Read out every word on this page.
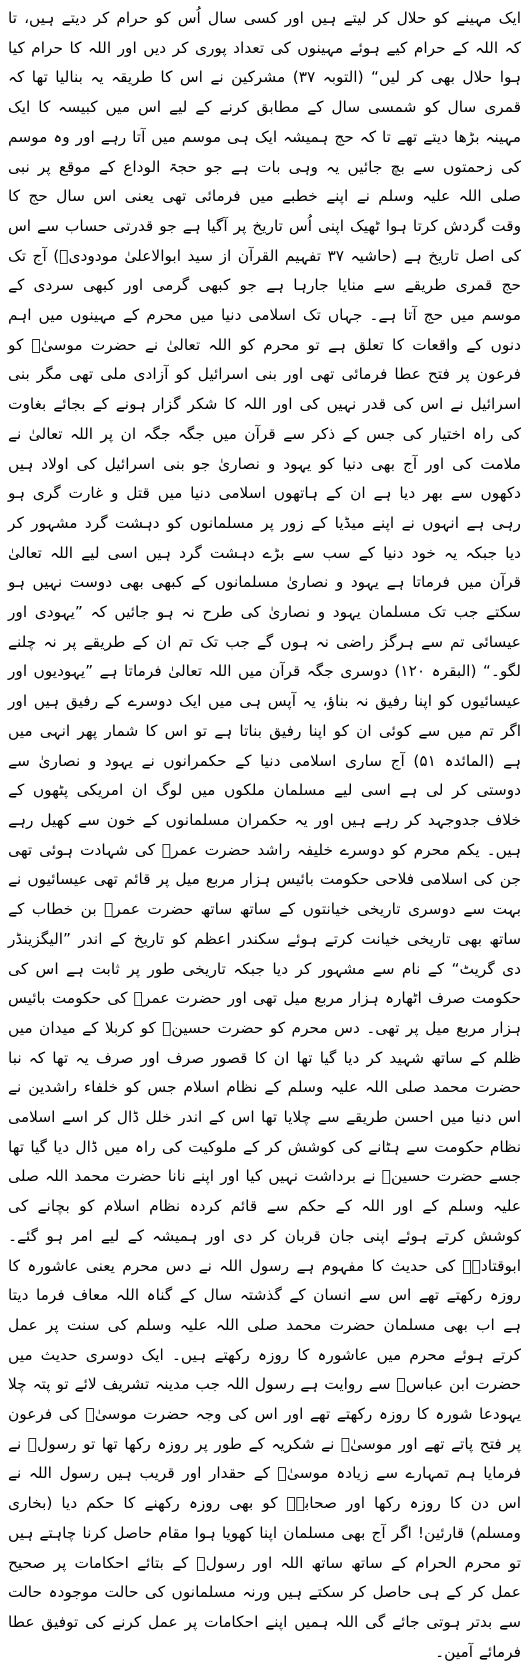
ایک مہینے کو حلال کر لیتے ہیں اور کسی سال اُس کو حرام کر دیتے ہیں، تا کہ اللہ کے حرام کیے ہوئے مہینوں کی تعداد پوری کر دیں اور اللہ کا حرام کیا ہوا حلال بھی کر لیں“ (التوبہ ۳۷) مشرکین نے اس کا طریقہ یہ بنالیا تھا کہ قمری سال کو شمسی سال کے مطابق کرنے کے لیے اس میں کبیسہ کا ایک مہینہ بڑھا دیتے تھے تا کہ حج ہمیشہ ایک ہی موسم میں آتا رہے اور وہ موسم کی زحمتوں سے بچ جائیں یہ وہی بات ہے جو حجۃ الوداع کے موقع پر نبی صلی اللہ علیہ وسلم نے اپنے خطبے میں فرمائی تھی یعنی اس سال حج کا وقت گردش کرتا ہوا ٹھیک اپنی اُس تاریخ پر آگیا ہے جو قدرتی حساب سے اس کی اصل تاریخ ہے (حاشیہ ۳۷ تفہیم القرآن از سید ابوالاعلیٰ مودودیؒ) آج تک حج قمری طریقے سے منایا جارہا ہے جو کبھی گرمی اور کبھی سردی کے موسم میں حج آتا ہے۔ جہاں تک اسلامی دنیا میں محرم کے مہینوں میں اہم دنوں کے واقعات کا تعلق ہے تو محرم کو اللہ تعالیٰ نے حضرت موسیٰؑ کو فرعون پر فتح عطا فرمائی تھی اور بنی اسرائیل کو آزادی ملی تھی مگر بنی اسرائیل نے اس کی قدر نہیں کی اور اللہ کا شکر گزار ہونے کے بجائے بغاوت کی راہ اختیار کی جس کے ذکر سے قرآن میں جگہ جگہ ان پر اللہ تعالیٰ نے ملامت کی اور آج بھی دنیا کو یہود و نصاریٰ جو بنی اسرائیل کی اولاد ہیں دکھوں سے بھر دیا ہے ان کے ہاتھوں اسلامی دنیا میں قتل و غارت گری ہو رہی ہے انہوں نے اپنے میڈیا کے زور پر مسلمانوں کو دہشت گرد مشہور کر دیا جبکہ یہ خود دنیا کے سب سے بڑے دہشت گرد ہیں اسی لیے اللہ تعالیٰ قرآن میں فرماتا ہے یہود و نصاریٰ مسلمانوں کے کبھی بھی دوست نہیں ہو سکتے جب تک مسلمان یہود و نصاریٰ کی طرح نہ ہو جائیں کہ ”یہودی اور عیسائی تم سے ہرگز راضی نہ ہوں گے جب تک تم ان کے طریقے پر نہ چلنے لگو۔“ (البقرہ ۱۲۰) دوسری جگہ قرآن میں اللہ تعالیٰ فرماتا ہے ”یہودیوں اور عیسائیوں کو اپنا رفیق نہ بناؤ، یہ آپس ہی میں ایک دوسرے کے رفیق ہیں اور اگر تم میں سے کوئی ان کو اپنا رفیق بناتا ہے تو اس کا شمار پھر انہی میں ہے (المائدہ ۵۱) آج ساری اسلامی دنیا کے حکمرانوں نے یہود و نصاریٰ سے دوستی کر لی ہے اسی لیے مسلمان ملکوں میں لوگ ان امریکی پٹھوں کے خلاف جدوجہد کر رہے ہیں اور یہ حکمران مسلمانوں کے خون سے کھیل رہے ہیں۔ یکم محرم کو دوسرے خلیفہ راشد حضرت عمرؓ کی شہادت ہوئی تھی جن کی اسلامی فلاحی حکومت بائیس ہزار مربع میل پر قائم تھی عیسائیوں نے بہت سے دوسری تاریخی خیانتوں کے ساتھ ساتھ حضرت عمرؓ بن خطاب کے ساتھ بھی تاریخی خیانت کرتے ہوئے سکندر اعظم کو تاریخ کے اندر ”الیگزینڈر دی گریٹ“ کے نام سے مشہور کر دیا جبکہ تاریخی طور پر ثابت ہے اس کی حکومت صرف اٹھارہ ہزار مربع میل تھی اور حضرت عمرؓ کی حکومت بائیس ہزار مربع میل پر تھی۔ دس محرم کو حضرت حسینؓ کو کربلا کے میدان میں ظلم کے ساتھ شہید کر دیا گیا تھا ان کا قصور صرف اور صرف یہ تھا کہ نبا حضرت محمد صلی اللہ علیہ وسلم کے نظام اسلام جس کو خلفاء راشدین نے اس دنیا میں احسن طریقے سے چلایا تھا اس کے اندر خلل ڈال کر اسے اسلامی نظام حکومت سے ہٹانے کی کوشش کر کے ملوکیت کی راہ میں ڈال دیا گیا تھا جسے حضرت حسینؓ نے برداشت نہیں کیا اور اپنے نانا حضرت محمد اللہ صلی علیہ وسلم کے اور اللہ کے حکم سے قائم کردہ نظام اسلام کو بچانے کی کوشش کرتے ہوئے اپنی جان قربان کر دی اور ہمیشہ کے لیے امر ہو گئے۔ ابوقتادہؓ کی حدیث کا مفہوم ہے رسول اللہ نے دس محرم یعنی عاشورہ کا روزہ رکھتے تھے اس سے انسان کے گذشتہ سال کے گناہ اللہ معاف فرما دیتا ہے اب بھی مسلمان حضرت محمد صلی اللہ علیہ وسلم کی سنت پر عمل کرتے ہوئے محرم میں عاشورہ کا روزہ رکھتے ہیں۔ ایک دوسری حدیث میں حضرت ابن عباسؓ سے روایت ہے رسول اللہ جب مدینہ تشریف لائے تو پتہ چلا یہودعا شورہ کا روزہ رکھتے تھے اور اس کی وجہ حضرت موسیٰؑ کی فرعون پر فتح پاتے تھے اور موسیٰؑ نے شکریہ کے طور پر روزہ رکھا تھا تو رسولؐ نے فرمایا ہم تمہارے سے زیادہ موسیٰؑ کے حقدار اور قریب ہیں رسول اللہ نے اس دن کا روزہ رکھا اور صحابہؓ کو بھی روزہ رکھنے کا حکم دیا (بخاری ومسلم) قارئین! اگر آج بھی مسلمان اپنا کھویا ہوا مقام حاصل کرنا چاہتے ہیں تو محرم الحرام کے ساتھ ساتھ اللہ اور رسولؐ کے بتائے احکامات پر صحیح عمل کر کے ہی حاصل کر سکتے ہیں ورنہ مسلمانوں کی حالت موجودہ حالت سے بدتر ہوتی جائے گی اللہ ہمیں اپنے احکامات پر عمل کرنے کی توفیق عطا فرمائے آمین۔
